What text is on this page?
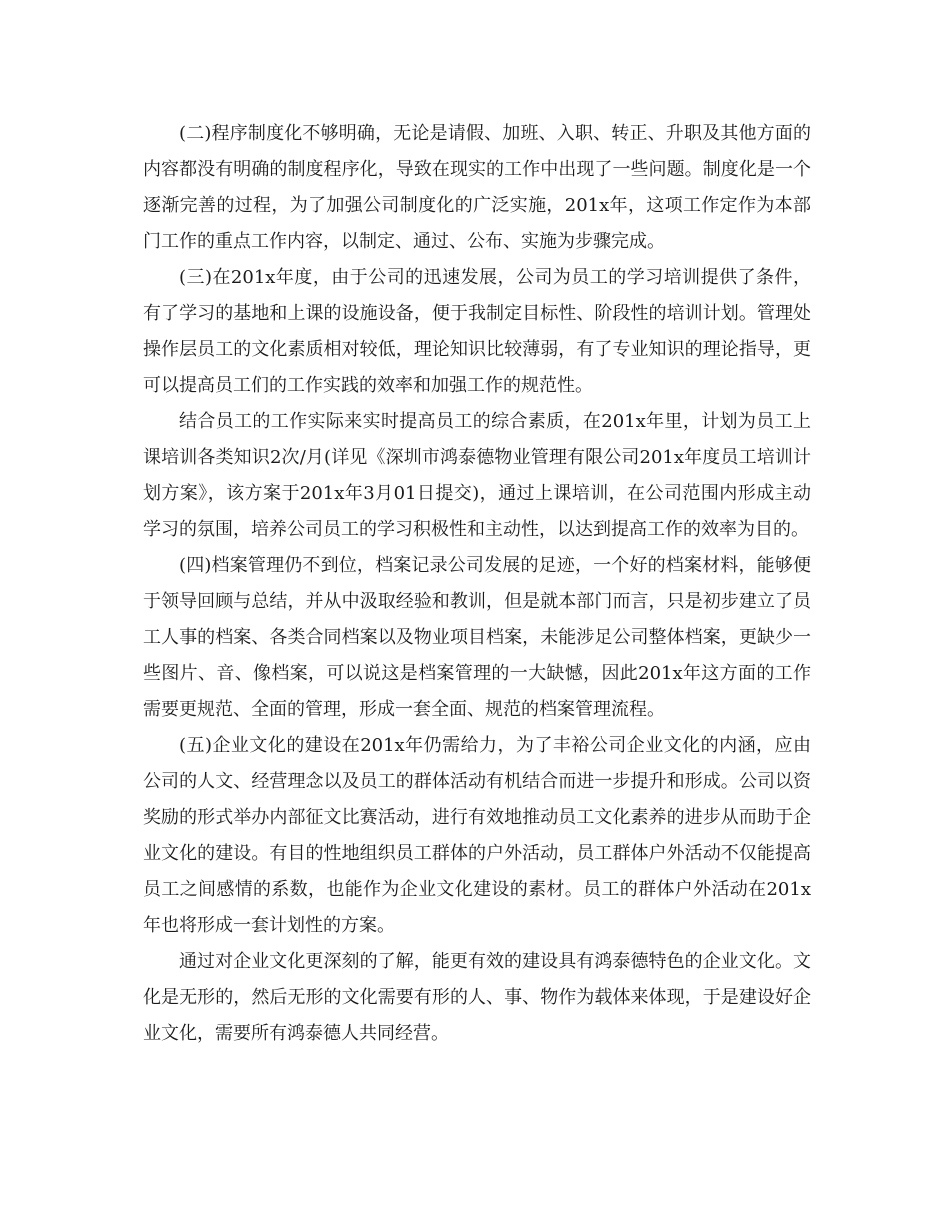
(二)程序制度化不够明确，无论是请假、加班、入职、转正、升职及其他方面的内容都没有明确的制度程序化，导致在现实的工作中出现了一些问题。制度化是一个逐渐完善的过程，为了加强公司制度化的广泛实施，201x年，这项工作定作为本部门工作的重点工作内容，以制定、通过、公布、实施为步骤完成。

(三)在201x年度，由于公司的迅速发展，公司为员工的学习培训提供了条件，有了学习的基地和上课的设施设备，便于我制定目标性、阶段性的培训计划。管理处操作层员工的文化素质相对较低，理论知识比较薄弱，有了专业知识的理论指导，更可以提高员工们的工作实践的效率和加强工作的规范性。

结合员工的工作实际来实时提高员工的综合素质，在201x年里，计划为员工上课培训各类知识2次/月(详见《深圳市鸿泰德物业管理有限公司201x年度员工培训计划方案》，该方案于201x年3月01日提交)，通过上课培训，在公司范围内形成主动学习的氛围，培养公司员工的学习积极性和主动性，以达到提高工作的效率为目的。

(四)档案管理仍不到位，档案记录公司发展的足迹，一个好的档案材料，能够便于领导回顾与总结，并从中汲取经验和教训，但是就本部门而言，只是初步建立了员工人事的档案、各类合同档案以及物业项目档案，未能涉足公司整体档案，更缺少一些图片、音、像档案，可以说这是档案管理的一大缺憾，因此201x年这方面的工作需要更规范、全面的管理，形成一套全面、规范的档案管理流程。

(五)企业文化的建设在201x年仍需给力，为了丰裕公司企业文化的内涵，应由公司的人文、经营理念以及员工的群体活动有机结合而进一步提升和形成。公司以资奖励的形式举办内部征文比赛活动，进行有效地推动员工文化素养的进步从而助于企业文化的建设。有目的性地组织员工群体的户外活动，员工群体户外活动不仅能提高员工之间感情的系数，也能作为企业文化建设的素材。员工的群体户外活动在201x年也将形成一套计划性的方案。

通过对企业文化更深刻的了解，能更有效的建设具有鸿泰德特色的企业文化。文化是无形的，然后无形的文化需要有形的人、事、物作为载体来体现，于是建设好企业文化，需要所有鸿泰德人共同经营。
